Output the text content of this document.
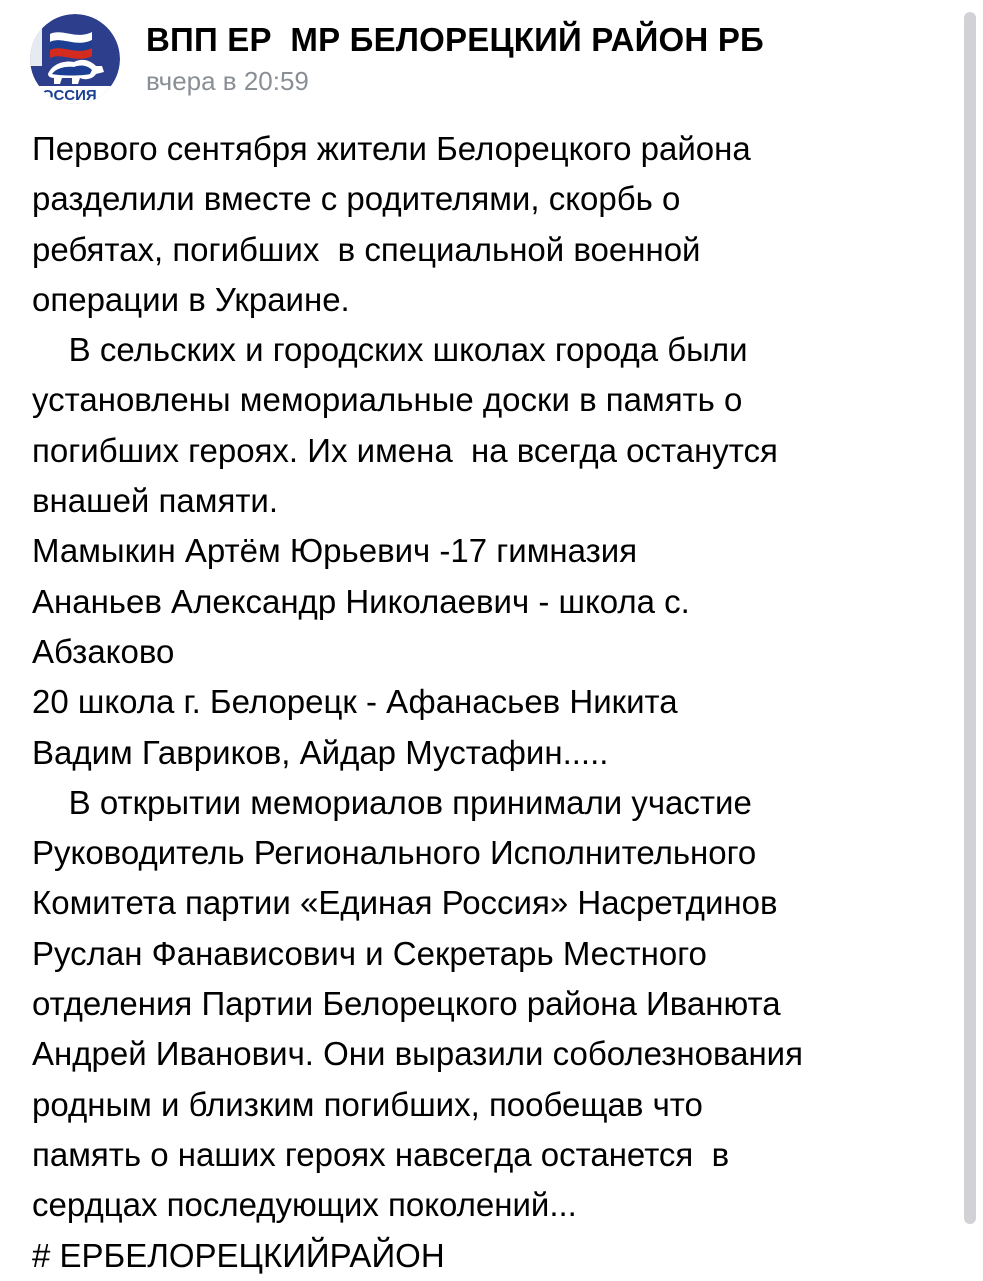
РОССИЯ
ВПП ЕР  МР БЕЛОРЕЦКИЙ РАЙОН РБ
вчера в 20:59
Первого сентября жители Белорецкого района
разделили вместе с родителями, скорбь о
ребятах, погибших  в специальной военной
операции в Украине.
В сельских и городских школах города были
установлены мемориальные доски в память о
погибших героях. Их имена  на всегда останутся
внашей памяти.
Мамыкин Артём Юрьевич -17 гимназия
Ананьев Александр Николаевич - школа с.
Абзаково
20 школа г. Белорецк - Афанасьев Никита
Вадим Гавриков, Айдар Мустафин.....
В открытии мемориалов принимали участие
Руководитель Регионального Исполнительного
Комитета партии «Единая Россия» Насретдинов
Руслан Фанависович и Секретарь Местного
отделения Партии Белорецкого района Иванюта
Андрей Иванович. Они выразили соболезнования
родным и близким погибших, пообещав что
память о наших героях навсегда останется  в
сердцах последующих поколений...
# ЕРБЕЛОРЕЦКИЙРАЙОН
